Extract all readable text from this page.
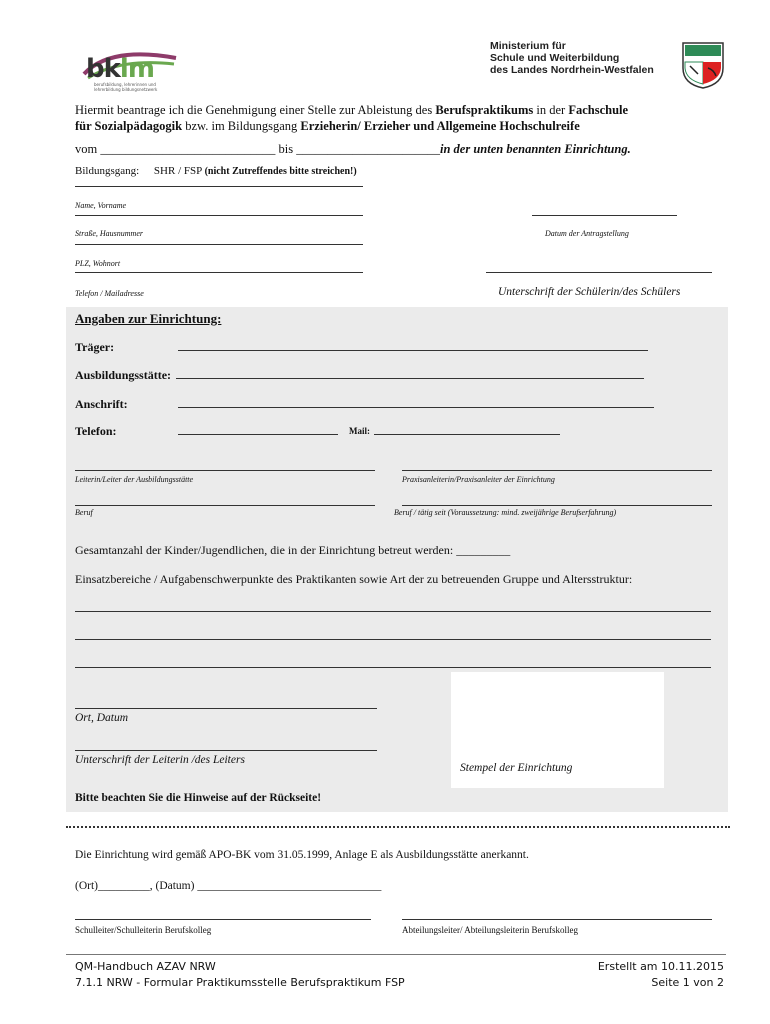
bklm
berufsbildung, lehrerinnen und lehrerbildung bildungsnetzwerk
Ministerium für
Schule und Weiterbildung
des Landes Nordrhein-Westfalen
Hiermit beantrage ich die Genehmigung einer Stelle zur Ableistung des Berufspraktikums in der Fachschule
für Sozialpädagogik bzw. im Bildungsgang Erzieherin/ Erzieher und Allgemeine Hochschulreife
vom ____________________________ bis _______________________ in der unten benannten Einrichtung.
Bildungsgang: SHR / FSP (nicht Zutreffendes bitte streichen!)
Name, Vorname
Straße, Hausnummer	Datum der Antragstellung
PLZ, Wohnort
Telefon / Mailadresse	Unterschrift der Schülerin/des Schülers
Angaben zur Einrichtung:
Träger:
Ausbildungsstätte:
Anschrift:
Telefon:	Mail:
Leiterin/Leiter der Ausbildungsstätte	Praxisanleiterin/Praxisanleiter der Einrichtung
Beruf	Beruf / tätig seit (Voraussetzung: mind. zweijährige Berufserfahrung)
Gesamtanzahl der Kinder/Jugendlichen, die in der Einrichtung betreut werden: _________
Einsatzbereiche / Aufgabenschwerpunkte des Praktikanten sowie Art der zu betreuenden Gruppe und Altersstruktur:
Stempel der Einrichtung
Ort, Datum
Unterschrift der Leiterin /des Leiters
Bitte beachten Sie die Hinweise auf der Rückseite!
Die Einrichtung wird gemäß APO-BK vom 31.05.1999, Anlage E als Ausbildungsstätte anerkannt.
(Ort)_________, (Datum) ________________________________
Schulleiter/Schulleiterin Berufskolleg	Abteilungsleiter/ Abteilungsleiterin Berufskolleg
QM-Handbuch AZAV NRW
7.1.1 NRW - Formular Praktikumsstelle Berufspraktikum FSP
Erstellt am 10.11.2015
Seite 1 von 2
